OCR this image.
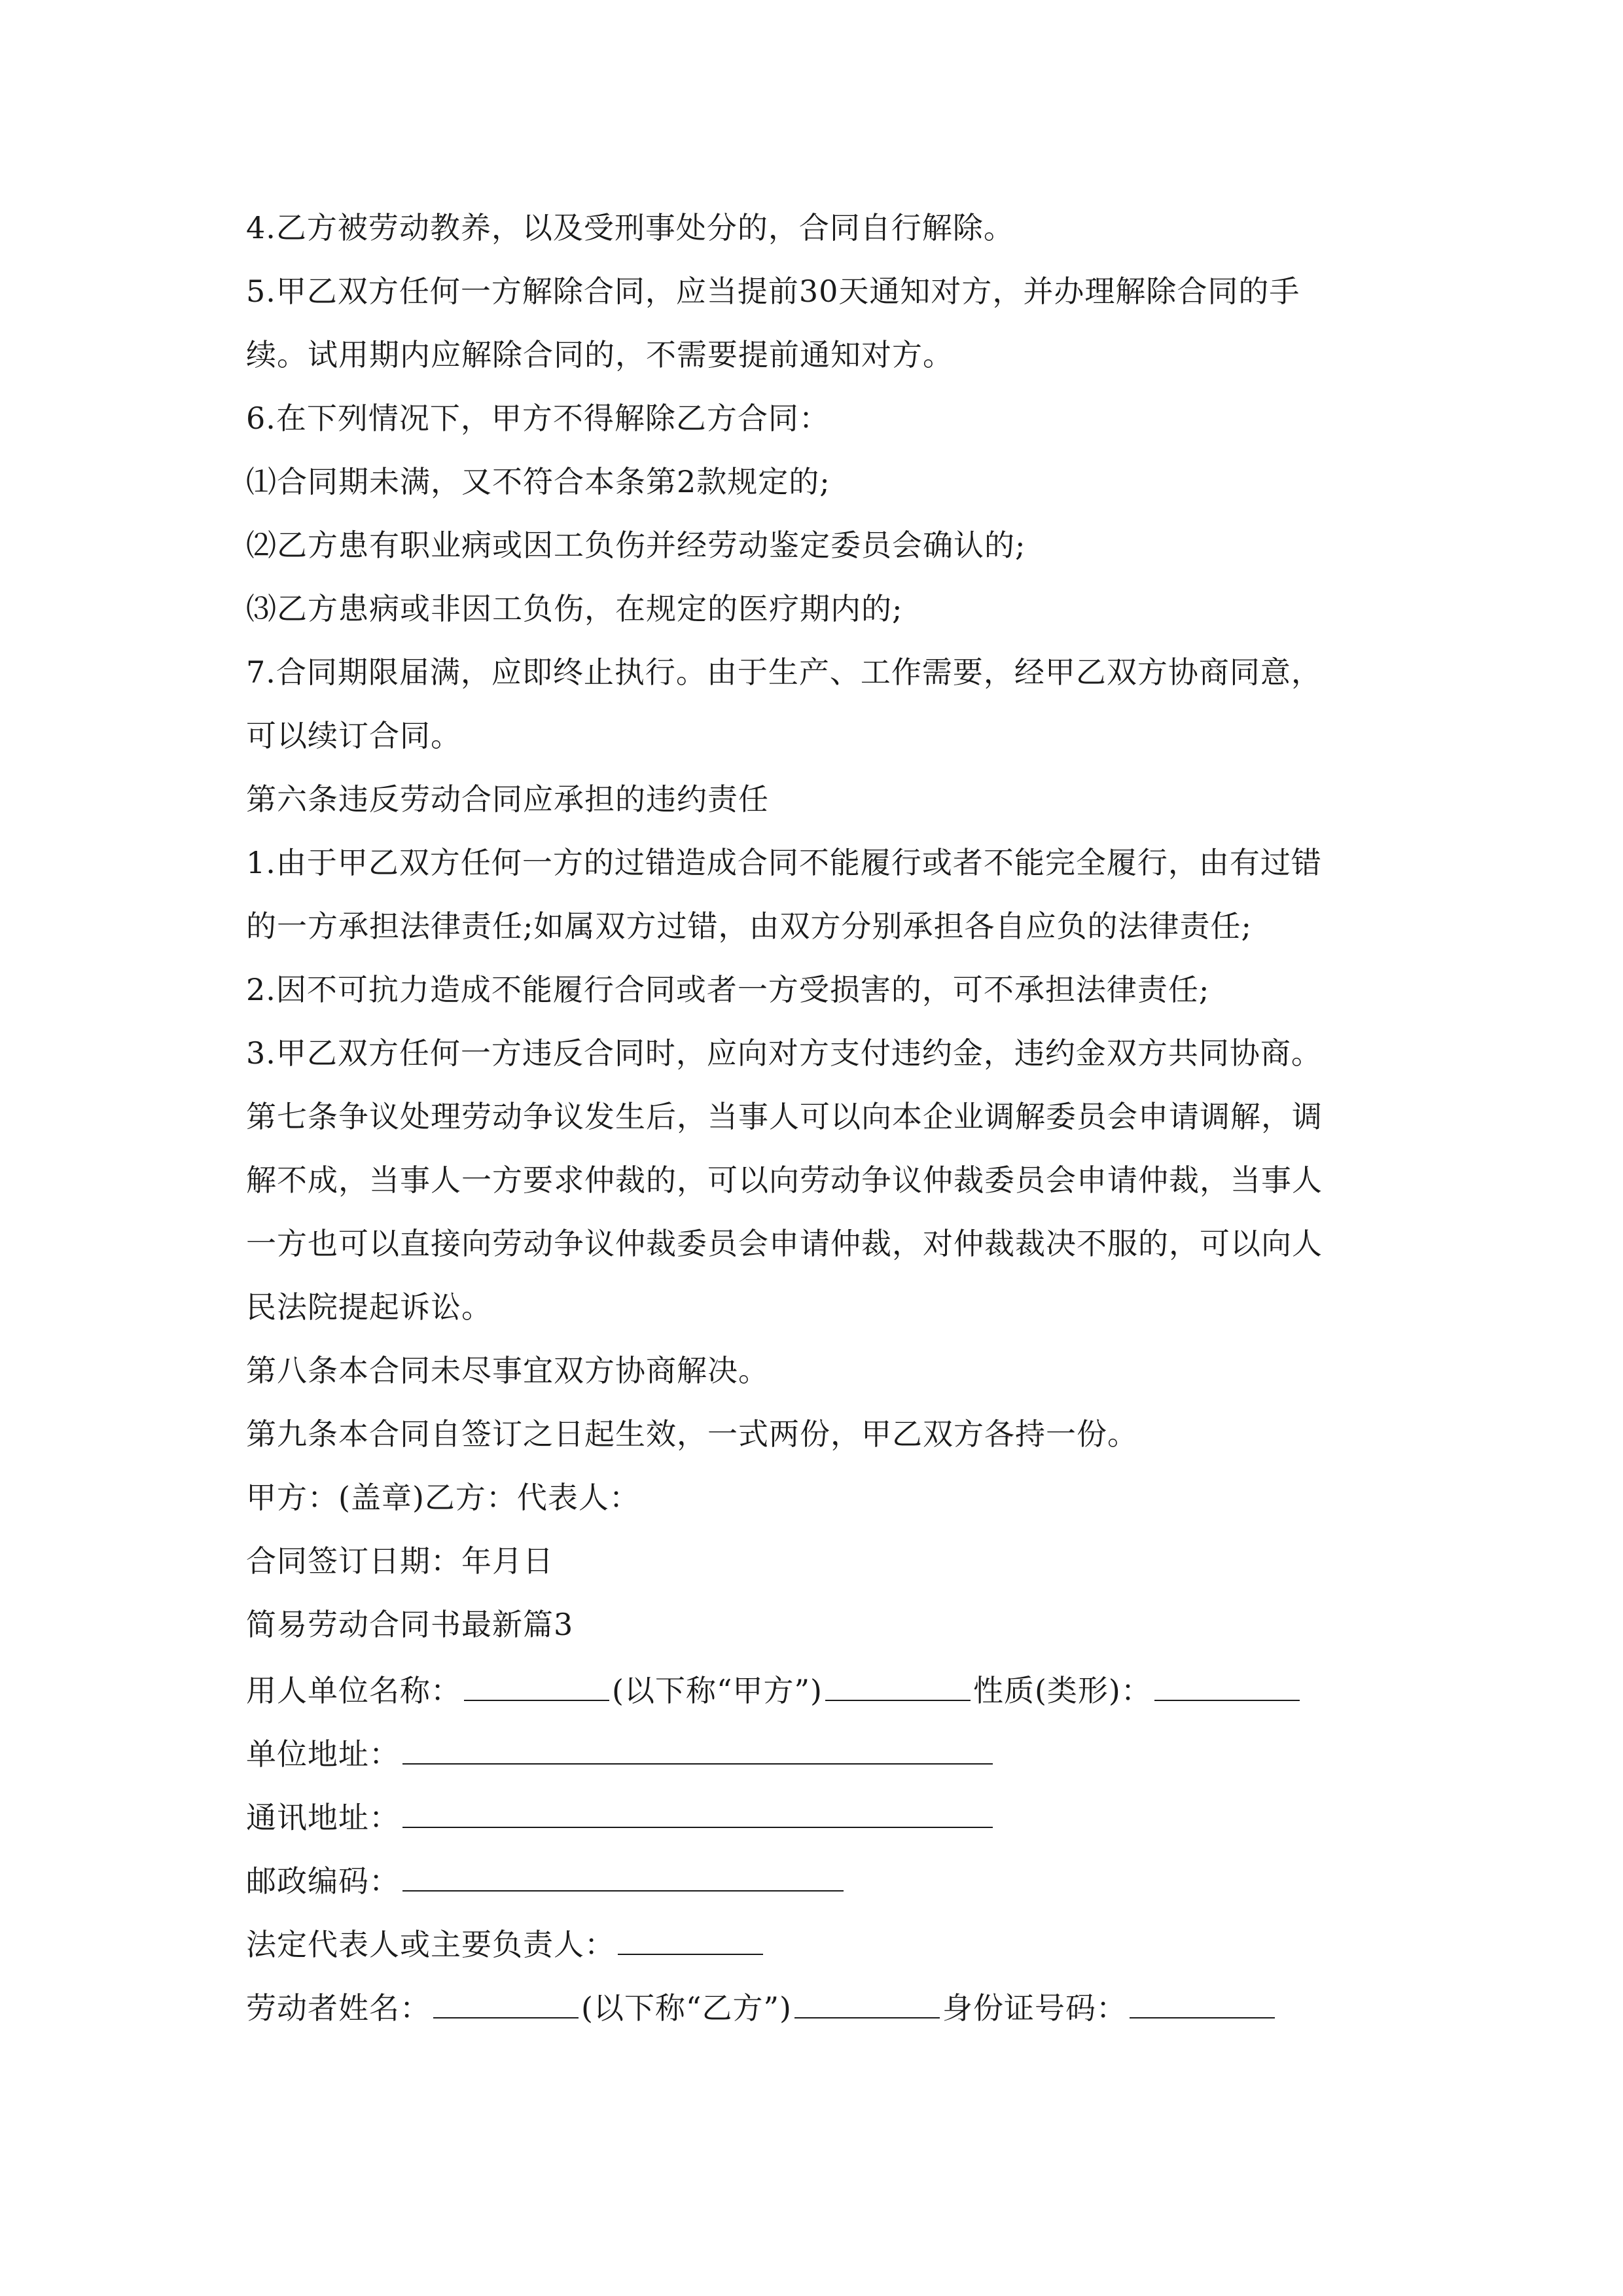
4.乙方被劳动教养，以及受刑事处分的，合同自行解除。
5.甲乙双方任何一方解除合同，应当提前30天通知对方，并办理解除合同的手
续。试用期内应解除合同的，不需要提前通知对方。
6.在下列情况下，甲方不得解除乙方合同：
⑴合同期未满，又不符合本条第2款规定的;
⑵乙方患有职业病或因工负伤并经劳动鉴定委员会确认的;
⑶乙方患病或非因工负伤，在规定的医疗期内的;
7.合同期限届满，应即终止执行。由于生产、工作需要，经甲乙双方协商同意，
可以续订合同。
第六条违反劳动合同应承担的违约责任
1.由于甲乙双方任何一方的过错造成合同不能履行或者不能完全履行，由有过错
的一方承担法律责任;如属双方过错，由双方分别承担各自应负的法律责任;
2.因不可抗力造成不能履行合同或者一方受损害的，可不承担法律责任;
3.甲乙双方任何一方违反合同时，应向对方支付违约金，违约金双方共同协商。
第七条争议处理劳动争议发生后，当事人可以向本企业调解委员会申请调解，调
解不成，当事人一方要求仲裁的，可以向劳动争议仲裁委员会申请仲裁，当事人
一方也可以直接向劳动争议仲裁委员会申请仲裁，对仲裁裁决不服的，可以向人
民法院提起诉讼。
第八条本合同未尽事宜双方协商解决。
第九条本合同自签订之日起生效，一式两份，甲乙双方各持一份。
甲方：(盖章)乙方：代表人：
合同签订日期：年月日
简易劳动合同书最新篇3
用人单位名称：	(以下称“甲方”)	性质(类形)：
单位地址：
通讯地址：
邮政编码：
法定代表人或主要负责人：
劳动者姓名：	(以下称“乙方”)	身份证号码：
